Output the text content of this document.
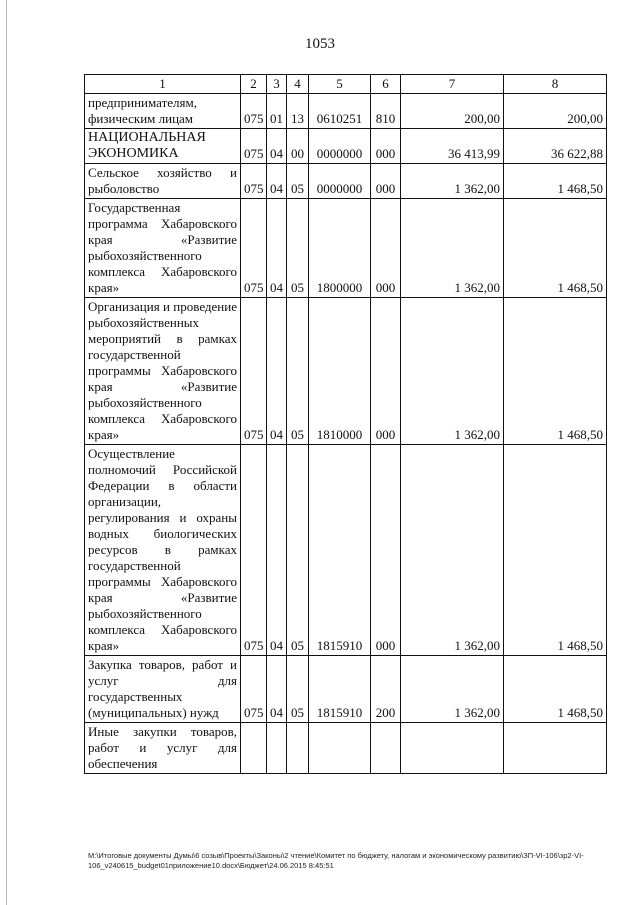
1053
1	2	3	4	5	6	7	8
предпринимателям, физическим лицам	075	01	13	0610251	810	200,00	200,00
НАЦИОНАЛЬНАЯ ЭКОНОМИКА	075	04	00	0000000	000	36 413,99	36 622,88
Сельское хозяйство и рыболовство	075	04	05	0000000	000	1 362,00	1 468,50
Государственная программа Хабаровского края «Развитие рыбохозяйственного комплекса Хабаровского края»	075	04	05	1800000	000	1 362,00	1 468,50
Организация и проведение рыбохозяйственных мероприятий в рамках государственной программы Хабаровского края «Развитие рыбохозяйственного комплекса Хабаровского края»	075	04	05	1810000	000	1 362,00	1 468,50
Осуществление полномочий Российской Федерации в области организации, регулирования и охраны водных биологических ресурсов в рамках государственной программы Хабаровского края «Развитие рыбохозяйственного комплекса Хабаровского края»	075	04	05	1815910	000	1 362,00	1 468,50
Закупка товаров, работ и услуг для государственных (муниципальных) нужд	075	04	05	1815910	200	1 362,00	1 468,50
Иные закупки товаров, работ и услуг для обеспечения							
M:\Итоговые документы Думы\6 созыв\Проекты\Законы\2 чтение\Комитет по бюджету, налогам и экономическому развитию\ЗП-VI-106\зр2-VI-106_v240615_budget01приложение10.docx\Бюджет\24.06.2015 8:45:51
